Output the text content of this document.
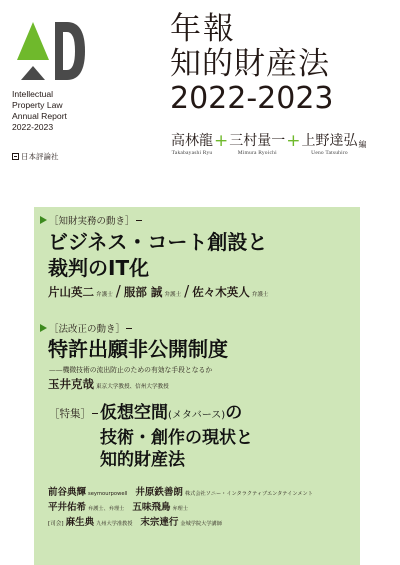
Intellectual
Property Law
Annual Report
2022-2023
日本評論社
年報
知的財産法
2022-2023
高林龍
Takabayashi Ryu
+ 三村量一
Mimura Ryoichi
+ 上野達弘
Ueno Tatsuhiro
編
［知財実務の動き］
ビジネス・コート創設と
裁判のIT化
片山英二 弁護士 / 服部 誠 弁護士 / 佐々木英人 弁護士
［法改正の動き］
特許出願非公開制度
——機微技術の流出防止のための有効な手段となるか
玉井克哉 東京大学教授、信州大学教授
［特集］ 仮想空間(メタバース)の
技術・創作の現状と
知的財産法
前谷典輝 seymourpowell 井原鉄善朗 株式会社ソニー・インタラクティブエンタテインメント
平井佑希 弁護士、弁理士 五味飛鳥 弁理士
[司会] 麻生典 九州大学准教授 末宗達行 金城学院大学講師
